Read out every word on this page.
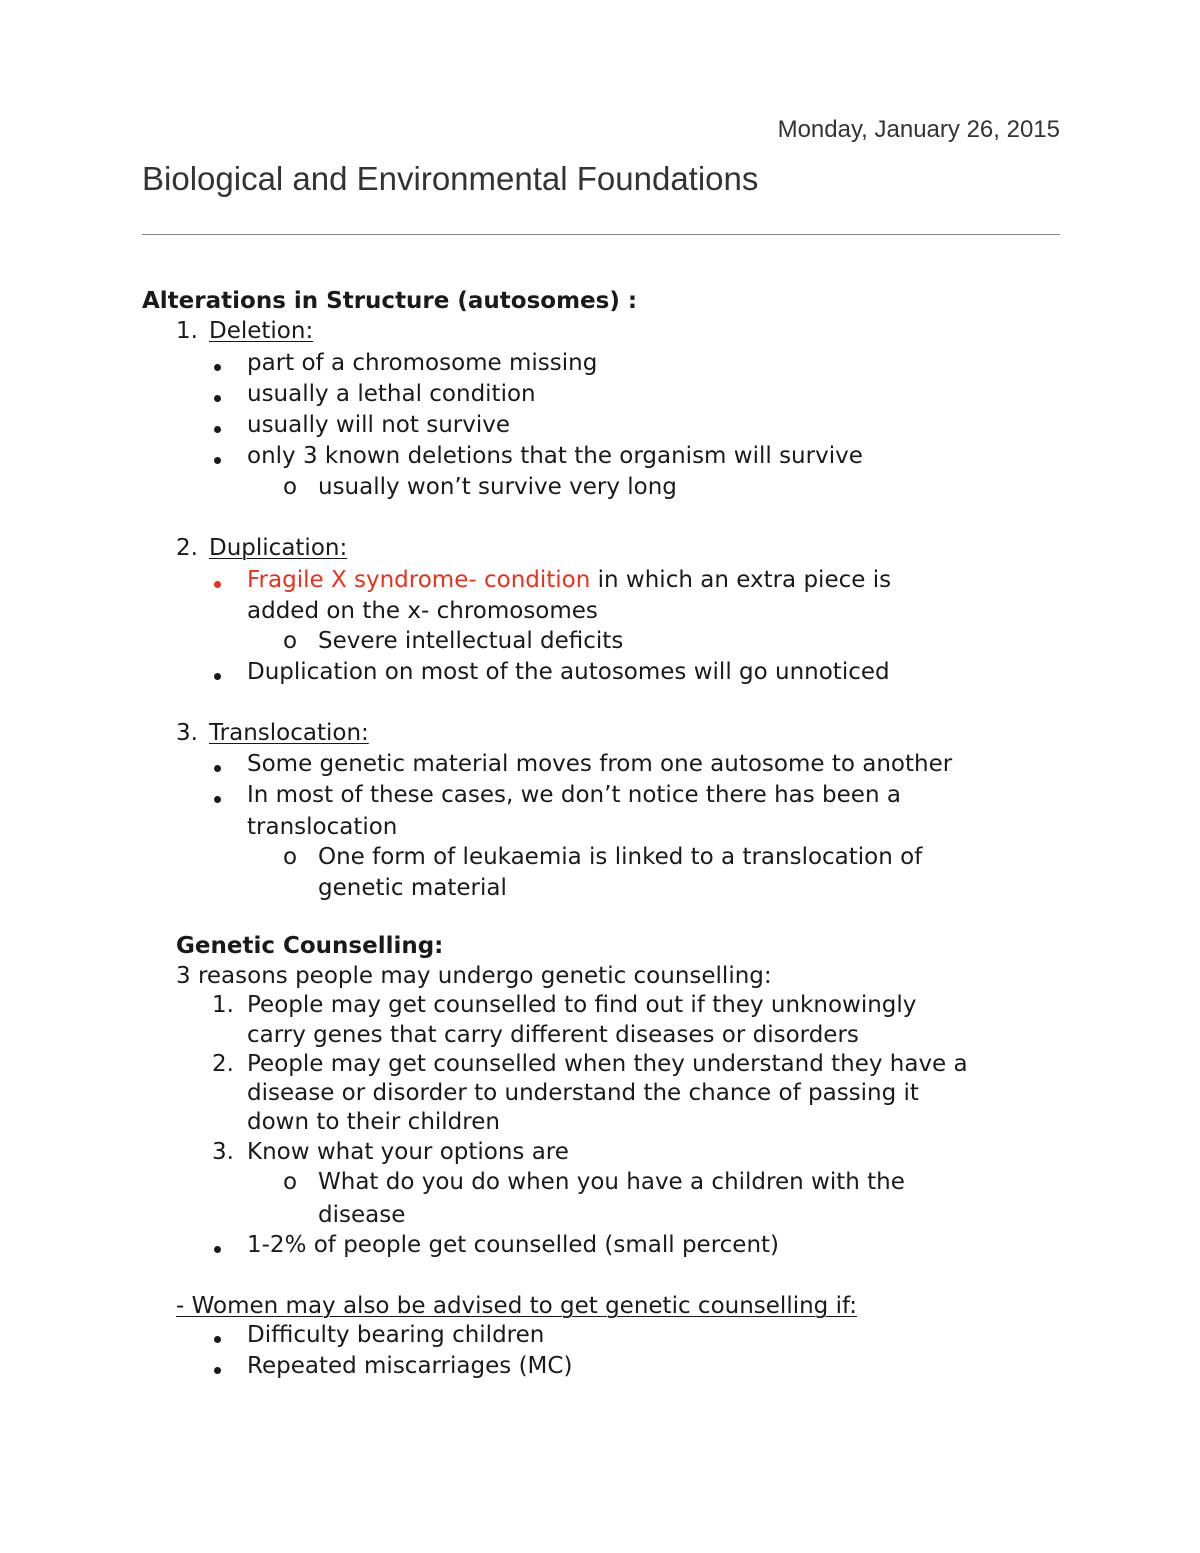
Monday, January 26, 2015
Biological and Environmental Foundations
Alterations in Structure (autosomes) :
1. Deletion:
part of a chromosome missing
usually a lethal condition
usually will not survive
only 3 known deletions that the organism will survive
o usually won’t survive very long
2. Duplication:
Fragile X syndrome- condition in which an extra piece is
added on the x- chromosomes
o Severe intellectual deficits
Duplication on most of the autosomes will go unnoticed
3. Translocation:
Some genetic material moves from one autosome to another
In most of these cases, we don’t notice there has been a
translocation
o One form of leukaemia is linked to a translocation of
genetic material
Genetic Counselling:
3 reasons people may undergo genetic counselling:
1. People may get counselled to find out if they unknowingly
carry genes that carry different diseases or disorders
2. People may get counselled when they understand they have a
disease or disorder to understand the chance of passing it
down to their children
3. Know what your options are
o What do you do when you have a children with the
disease
1-2% of people get counselled (small percent)
- Women may also be advised to get genetic counselling if:
Difficulty bearing children
Repeated miscarriages (MC)
